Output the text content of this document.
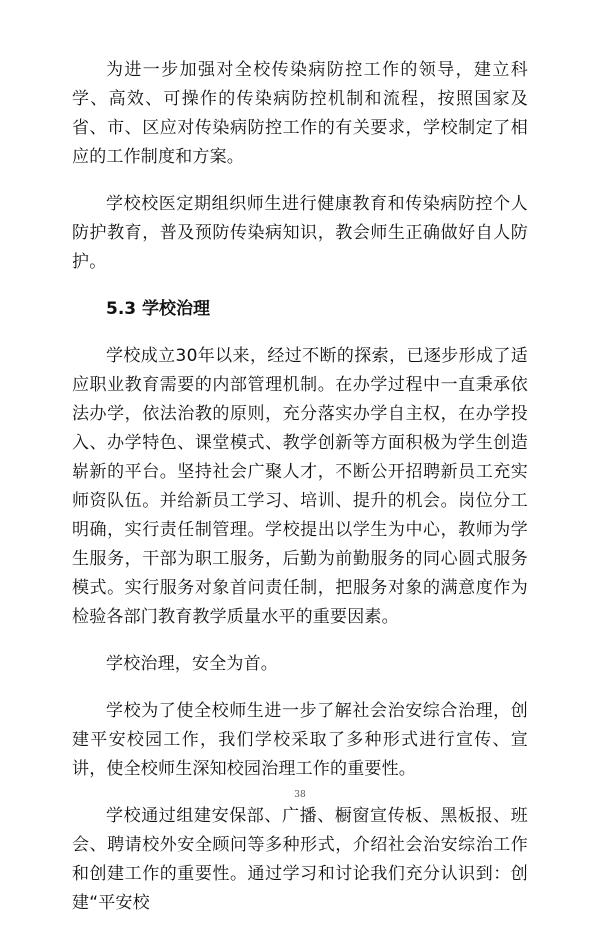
为进一步加强对全校传染病防控工作的领导，建立科学、高效、可操作的传染病防控机制和流程，按照国家及省、市、区应对传染病防控工作的有关要求，学校制定了相应的工作制度和方案。

学校校医定期组织师生进行健康教育和传染病防控个人防护教育，普及预防传染病知识，教会师生正确做好自人防护。

5.3 学校治理

学校成立30年以来，经过不断的探索，已逐步形成了适应职业教育需要的内部管理机制。在办学过程中一直秉承依法办学，依法治教的原则，充分落实办学自主权，在办学投入、办学特色、课堂模式、教学创新等方面积极为学生创造崭新的平台。坚持社会广聚人才，不断公开招聘新员工充实师资队伍。并给新员工学习、培训、提升的机会。岗位分工明确，实行责任制管理。学校提出以学生为中心，教师为学生服务，干部为职工服务，后勤为前勤服务的同心圆式服务模式。实行服务对象首问责任制，把服务对象的满意度作为检验各部门教育教学质量水平的重要因素。

学校治理，安全为首。

学校为了使全校师生进一步了解社会治安综合治理，创建平安校园工作，我们学校采取了多种形式进行宣传、宣讲，使全校师生深知校园治理工作的重要性。

学校通过组建安保部、广播、橱窗宣传板、黑板报、班会、聘请校外安全顾问等多种形式，介绍社会治安综治工作和创建工作的重要性。通过学习和讨论我们充分认识到：创建“平安校

38
